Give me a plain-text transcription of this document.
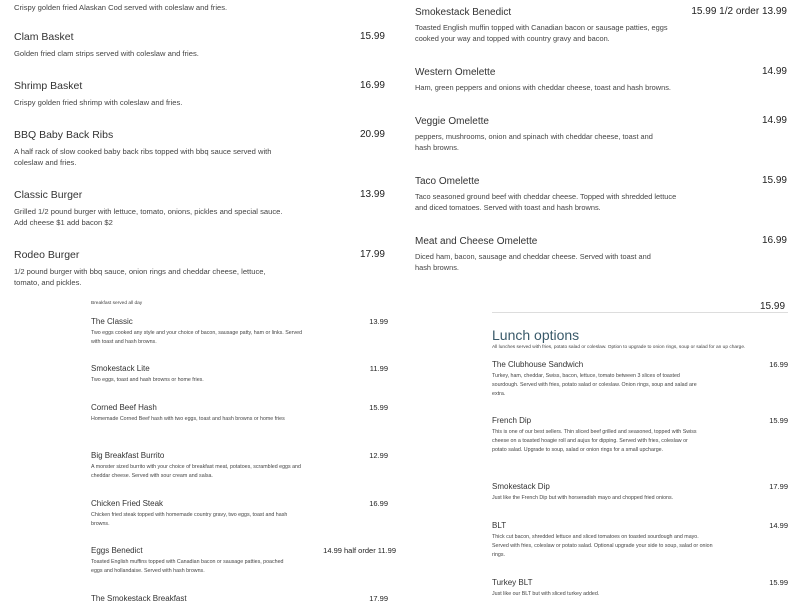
Crispy golden fried Alaskan Cod served with coleslaw and fries.
Clam Basket	15.99
Golden fried clam strips served with coleslaw and fries.
Shrimp Basket	16.99
Crispy golden fried shrimp with coleslaw and fries.
BBQ Baby Back Ribs	20.99
A half rack of slow cooked baby back ribs topped with bbq sauce served with coleslaw and fries.
Classic Burger	13.99
Grilled 1/2 pound burger with lettuce, tomato, onions, pickles and special sauce.
Add cheese $1 add bacon $2
Rodeo Burger	17.99
1/2 pound burger with bbq sauce, onion rings and cheddar cheese, lettuce, tomato, and pickles.
Smokestack Benedict	15.99 1/2 order 13.99
Toasted English muffin topped with Canadian bacon or sausage patties, eggs cooked your way and topped with country gravy and bacon.
Western Omelette	14.99
Ham, green peppers and onions with cheddar cheese, toast and hash browns.
Veggie Omelette	14.99
peppers, mushrooms, onion and spinach with cheddar cheese, toast and hash browns.
Taco Omelette	15.99
Taco seasoned ground beef with cheddar cheese. Topped with shredded lettuce and diced tomatoes. Served with toast and hash browns.
Meat and Cheese Omelette	16.99
Diced ham, bacon, sausage and cheddar cheese. Served with toast and hash browns.
15.99
Breakfast served all day
The Classic	13.99
Two eggs cooked any style and your choice of bacon, sausage patty, ham or links. Served with toast and hash browns.
Smokestack Lite	11.99
Two eggs, toast and hash browns or home fries.
Corned Beef Hash	15.99
Homemade Corned Beef hash with two eggs, toast and hash browns or home fries
Big Breakfast Burrito	12.99
A monster sized burrito with your choice of breakfast meat, potatoes, scrambled eggs and cheddar cheese. Served with sour cream and salsa.
Chicken Fried Steak	16.99
Chicken fried steak topped with homemade country gravy, two eggs, toast and hash browns.
Eggs Benedict	14.99 half order 11.99
Toasted English muffins topped with Canadian bacon or sausage patties, poached eggs and hollandaise. Served with hash browns.
The Smokestack Breakfast	17.99
Lunch options
All lunches served with fries, potato salad or coleslaw. Option to upgrade to onion rings, soup or salad for an up charge.
The Clubhouse Sandwich	16.99
Turkey, ham, cheddar, Swiss, bacon, lettuce, tomato between 3 slices of toasted sourdough. Served with fries, potato salad or coleslaw. Onion rings, soup and salad are extra.
French Dip	15.99
This is one of our best sellers. Thin sliced beef grilled and seasoned, topped with Swiss cheese on a toasted hoagie roll and aujus for dipping. Served with fries, coleslaw or potato salad. Upgrade to soup, salad or onion rings for a small upcharge.
Smokestack Dip	17.99
Just like the French Dip but with horseradish mayo and chopped fried onions.
BLT	14.99
Thick cut bacon, shredded lettuce and sliced tomatoes on toasted sourdough and mayo. Served with fries, coleslaw or potato salad. Optional upgrade your side to soup, salad or onion rings.
Turkey BLT	15.99
Just like our BLT but with sliced turkey added.
